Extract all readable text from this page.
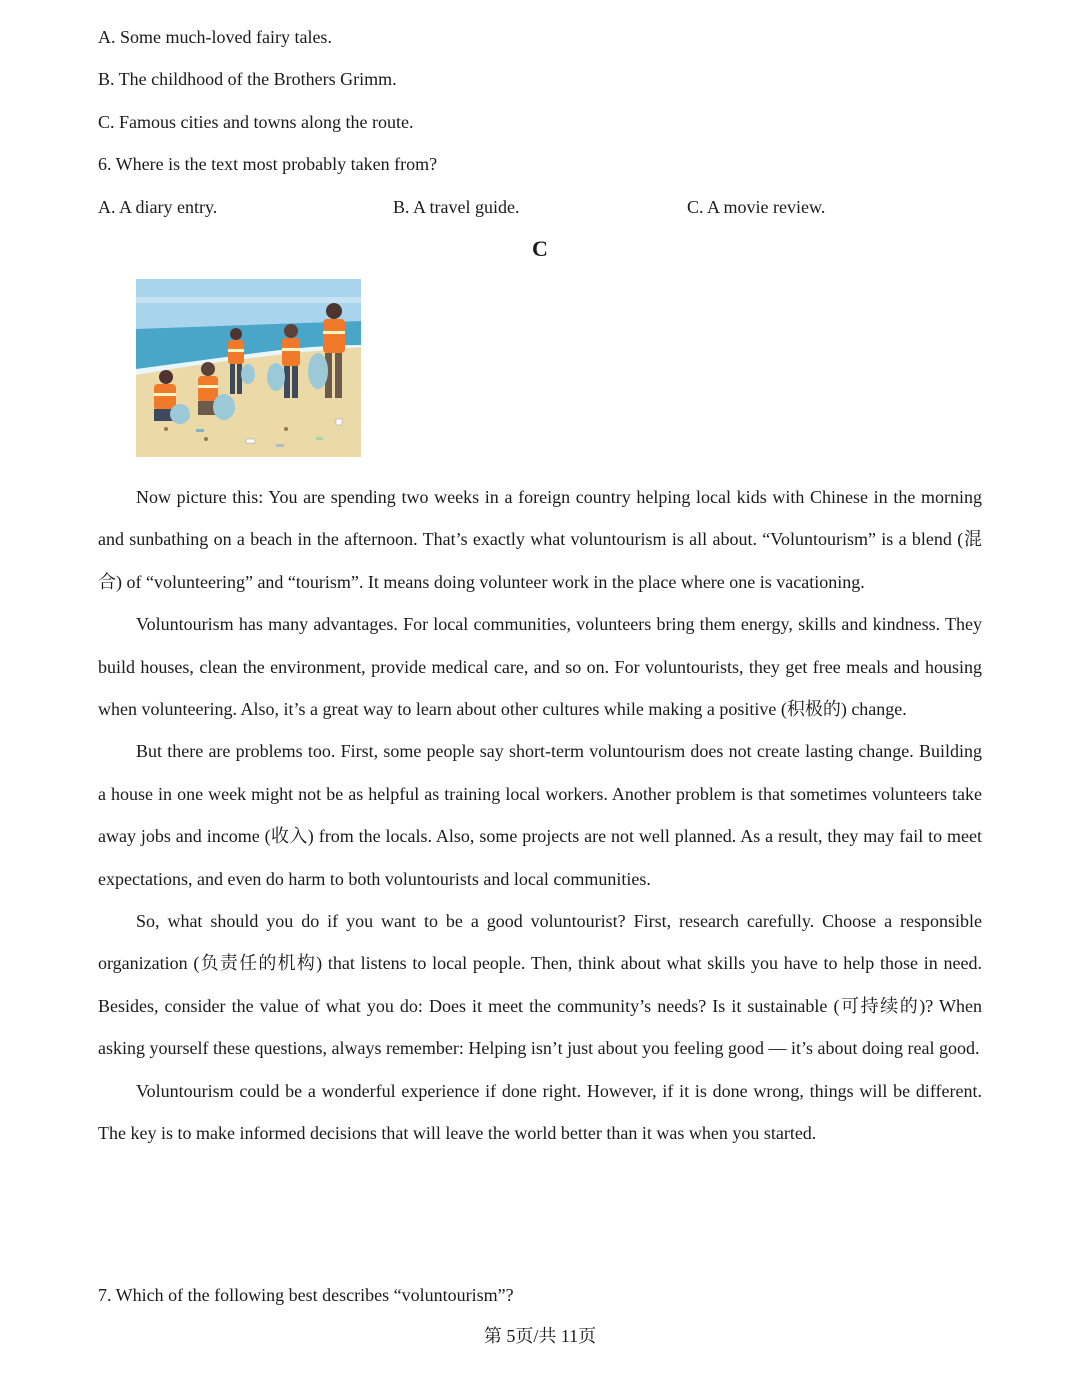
A. Some much-loved fairy tales.

B. The childhood of the Brothers Grimm.

C. Famous cities and towns along the route.

6. Where is the text most probably taken from?

A. A diary entry.	B. A travel guide.	C. A movie review.

C

Now picture this: You are spending two weeks in a foreign country helping local kids with Chinese in the morning and sunbathing on a beach in the afternoon. That’s exactly what voluntourism is all about. “Voluntourism” is a blend (混合) of “volunteering” and “tourism”. It means doing volunteer work in the place where one is vacationing.

Voluntourism has many advantages. For local communities, volunteers bring them energy, skills and kindness. They build houses, clean the environment, provide medical care, and so on. For voluntourists, they get free meals and housing when volunteering. Also, it’s a great way to learn about other cultures while making a positive (积极的) change.

But there are problems too. First, some people say short-term voluntourism does not create lasting change. Building a house in one week might not be as helpful as training local workers. Another problem is that sometimes volunteers take away jobs and income (收入) from the locals. Also, some projects are not well planned. As a result, they may fail to meet expectations, and even do harm to both voluntourists and local communities.

So, what should you do if you want to be a good voluntourist? First, research carefully. Choose a responsible organization (负责任的机构) that listens to local people. Then, think about what skills you have to help those in need. Besides, consider the value of what you do: Does it meet the community’s needs? Is it sustainable (可持续的)? When asking yourself these questions, always remember: Helping isn’t just about you feeling good — it’s about doing real good.

Voluntourism could be a wonderful experience if done right. However, if it is done wrong, things will be different. The key is to make informed decisions that will leave the world better than it was when you started.

7. Which of the following best describes “voluntourism”?

第 5页/共 11页
